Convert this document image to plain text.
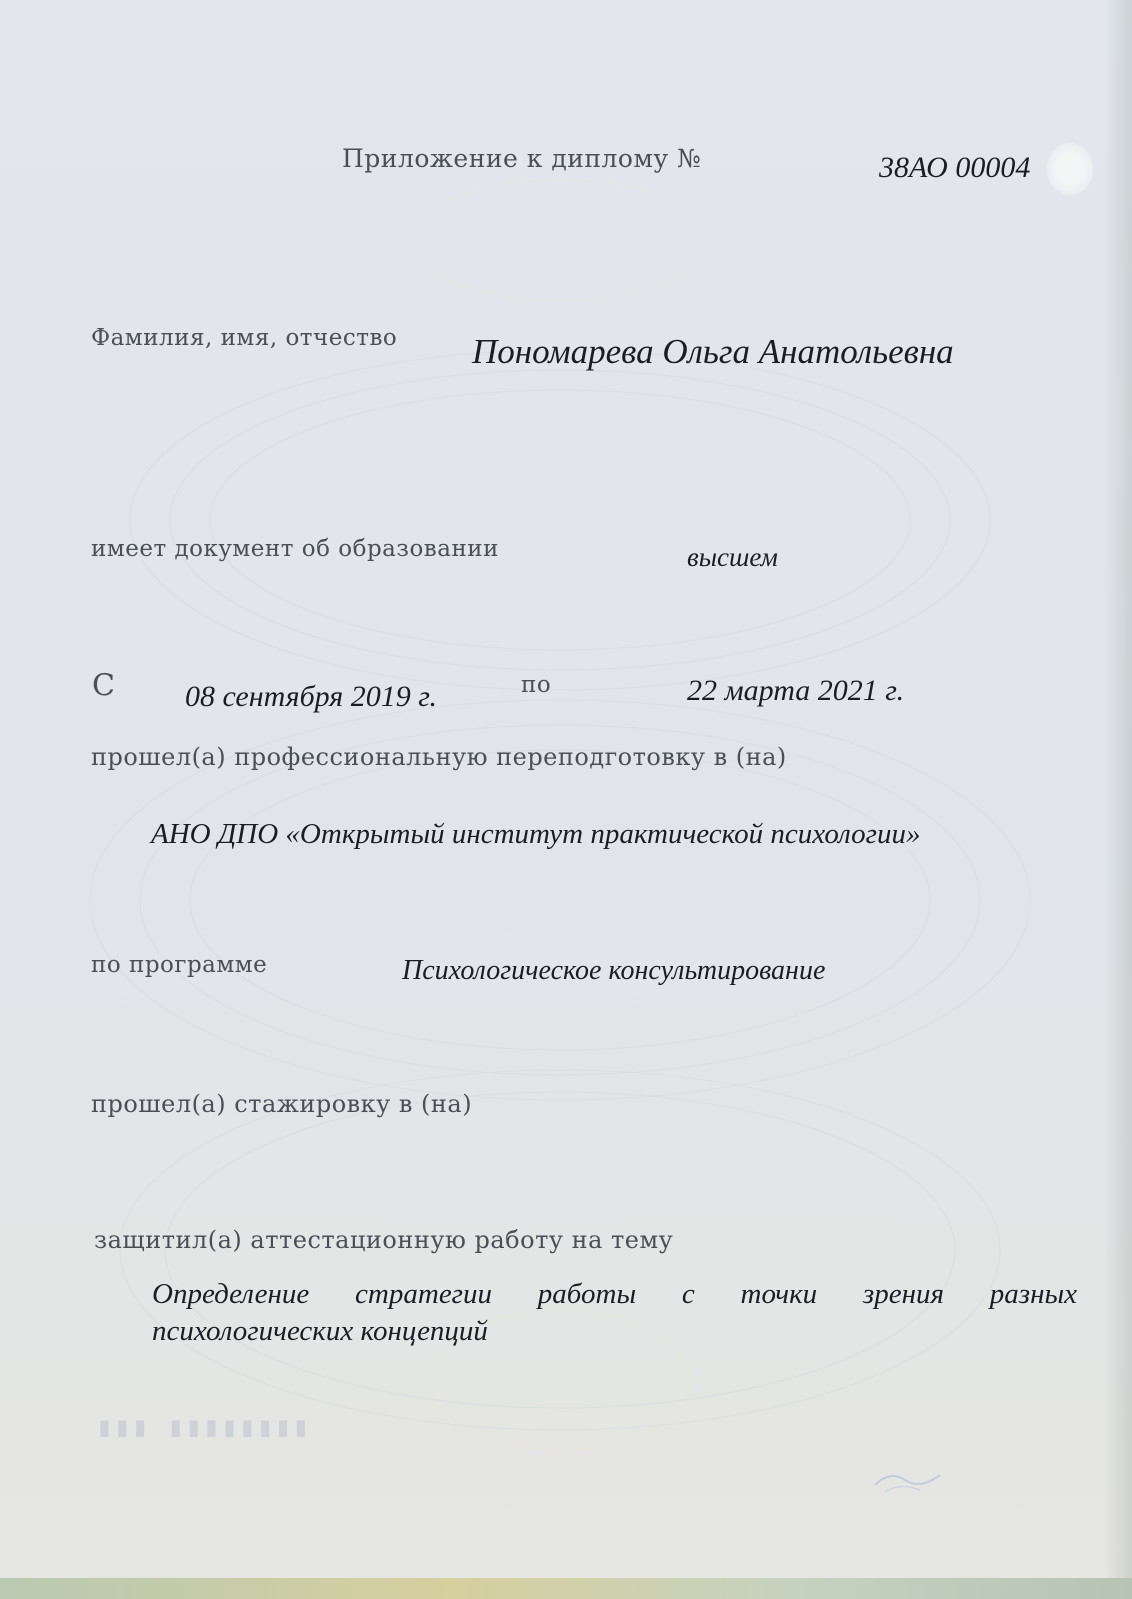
Приложение к диплому №	38АО 00004
Фамилия, имя, отчество Пономарева Ольга Анатольевна
имеет документ об образовании	высшем
С 08 сентября 2019 г.	по	22 марта 2021 г.
прошел(а) профессиональную переподготовку в (на)
АНО ДПО «Открытый институт практической психологии»
по программе	Психологическое консультирование
прошел(а) стажировку в (на)
защитил(а) аттестационную работу на тему
Определение стратегии работы с точки зрения разных
психологических концепций
▮▮▮▮▮▮▮▮ ▮▮▮
